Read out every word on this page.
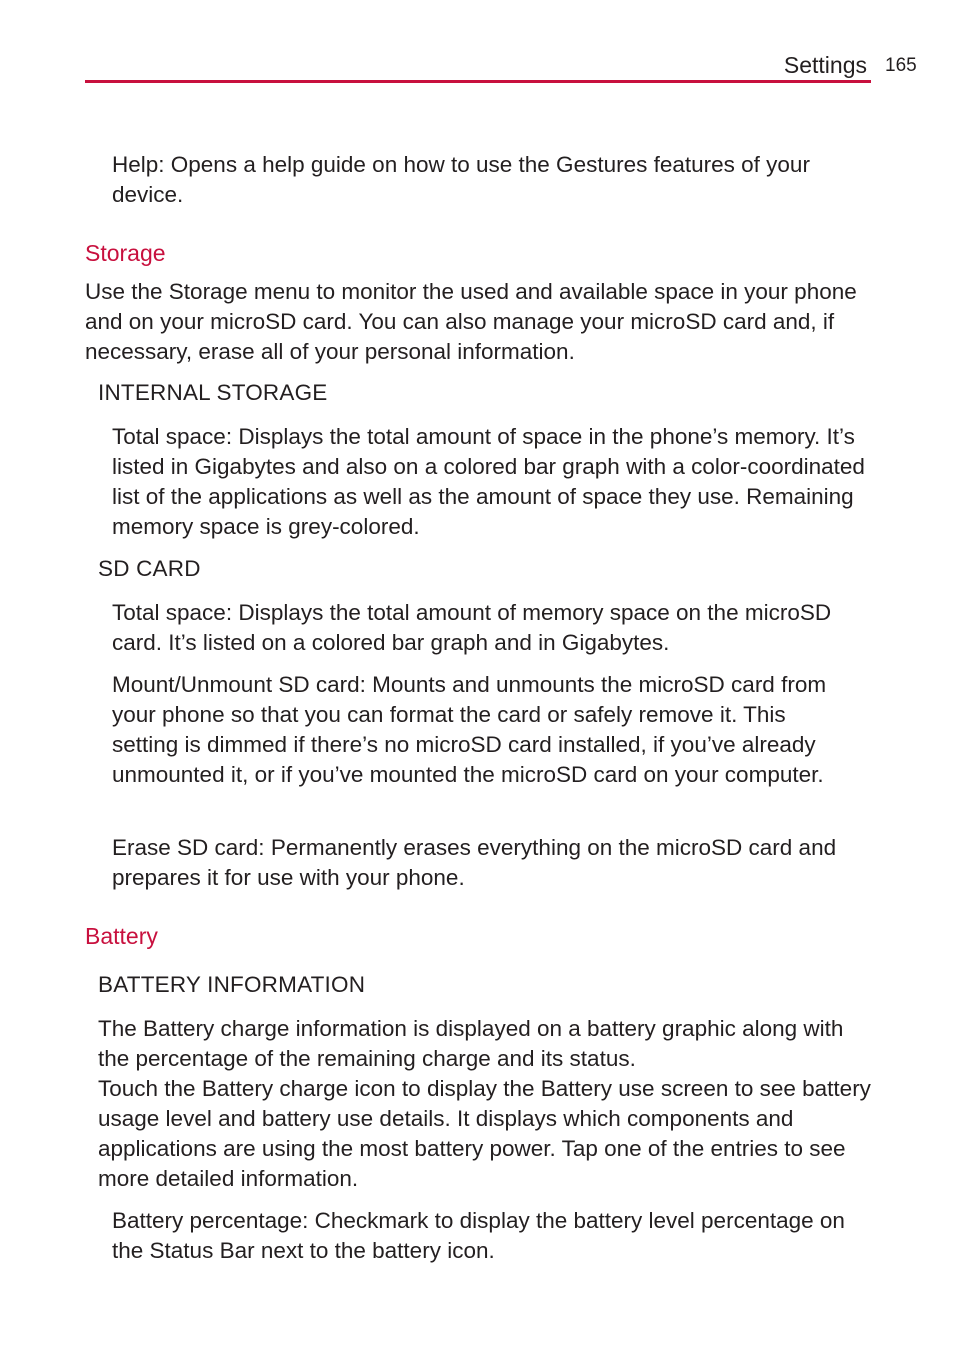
Settings 165
Help: Opens a help guide on how to use the Gestures features of your device.
Storage
Use the Storage menu to monitor the used and available space in your phone and on your microSD card. You can also manage your microSD card and, if necessary, erase all of your personal information.
INTERNAL STORAGE
Total space: Displays the total amount of space in the phone’s memory. It’s listed in Gigabytes and also on a colored bar graph with a color-coordinated list of the applications as well as the amount of space they use. Remaining memory space is grey-colored.
SD CARD
Total space: Displays the total amount of memory space on the microSD card. It’s listed on a colored bar graph and in Gigabytes.
Mount/Unmount SD card: Mounts and unmounts the microSD card from your phone so that you can format the card or safely remove it. This setting is dimmed if there’s no microSD card installed, if you’ve already unmounted it, or if you’ve mounted the microSD card on your computer.
Erase SD card: Permanently erases everything on the microSD card and prepares it for use with your phone.
Battery
BATTERY INFORMATION
The Battery charge information is displayed on a battery graphic along with the percentage of the remaining charge and its status.
Touch the Battery charge icon to display the Battery use screen to see battery usage level and battery use details. It displays which components and applications are using the most battery power. Tap one of the entries to see more detailed information.
Battery percentage: Checkmark to display the battery level percentage on the Status Bar next to the battery icon.
